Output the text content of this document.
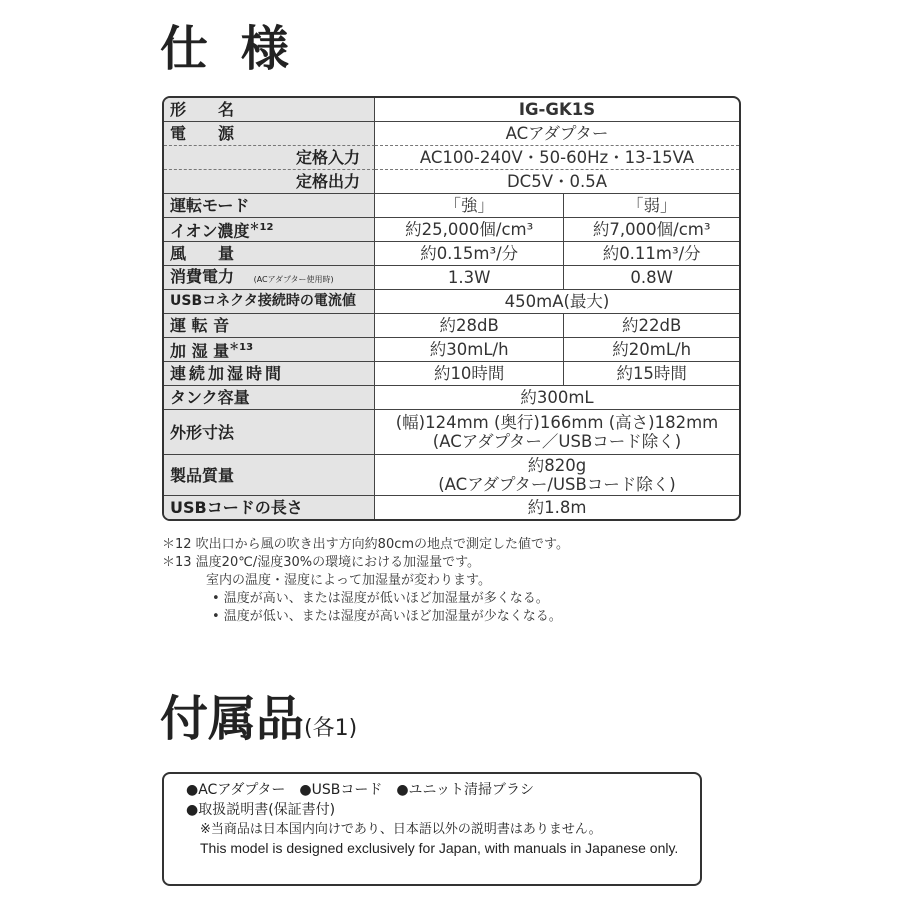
仕 様
形　　名	IG-GK1S	
電　　源	ACアダプター	
定格入力	AC100-240V・50-60Hz・13-15VA	
定格出力	DC5V・0.5A	
運転モード	「強」	「弱」
イオン濃度$^{*12}$	約25,000個/cm³	約7,000個/cm³
風　　量	約0.15m³/分	約0.11m³/分
消費電力 (ACアダプター使用時)	1.3W	0.8W
USBコネクタ接続時の電流値	450mA(最大)	
運 転 音	約28dB	約22dB
加 湿 量$^{*13}$	約30mL/h	約20mL/h
連続加湿時間	約10時間	約15時間
タンク容量	約300mL	
外形寸法	(幅)124mm (奥行)166mm (高さ)182mm
(ACアダプター／USBコード除く)	

製品質量	約820g
(ACアダプター/USBコード除く)	

USBコードの長さ	約1.8m	
＊12 吹出口から風の吹き出す方向約80cmの地点で測定した値です。
＊13 温度20℃/湿度30%の環境における加湿量です。
室内の温度・湿度によって加湿量が変わります。
• 温度が高い、または湿度が低いほど加湿量が多くなる。
• 温度が低い、または湿度が高いほど加湿量が少なくなる。
付属品(各1)
●ACアダプター　●USBコード　●ユニット清掃ブラシ
●取扱説明書(保証書付)
※当商品は日本国内向けであり、日本語以外の説明書はありません。
This model is designed exclusively for Japan, with manuals in Japanese only.
